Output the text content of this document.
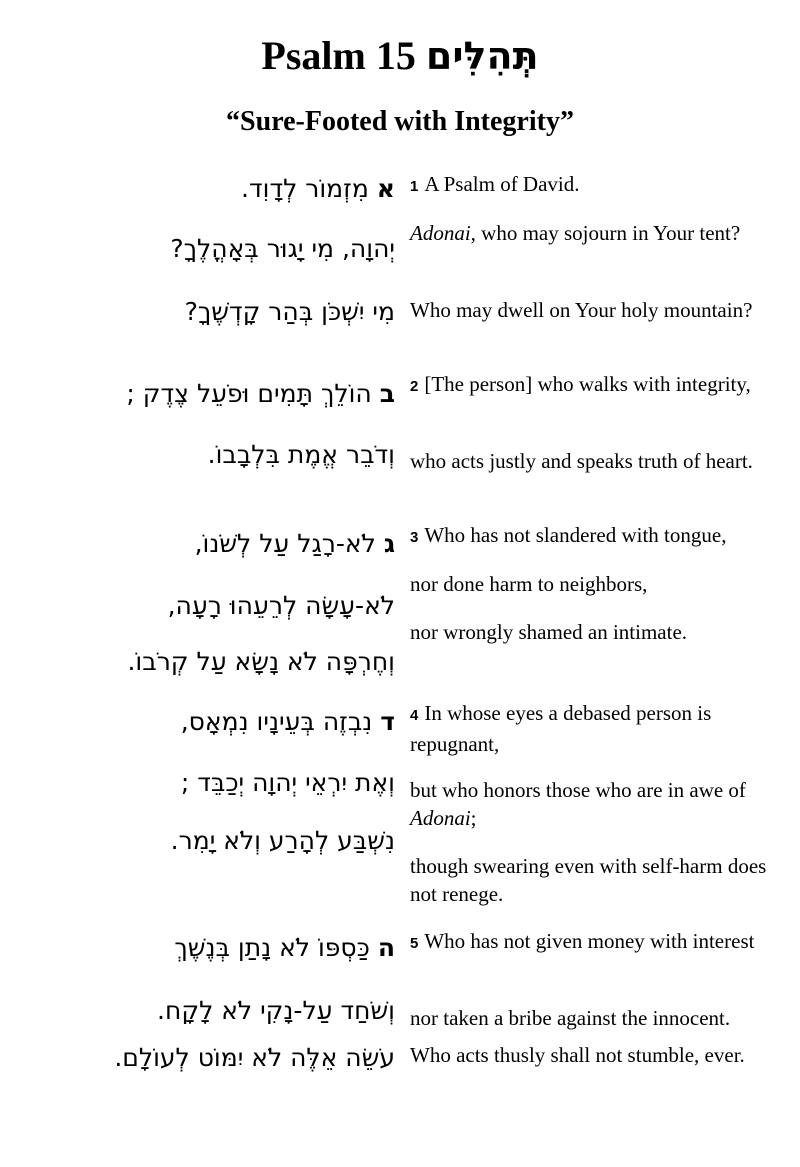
Psalm 15 תְּהִלִּים
“Sure-Footed with Integrity”
אמִזְמוֹר לְדָוִד.
יְהוָה, מִי יָגוּר בְּאָהֳלֶךָ?
מִי יִשְׁכֹּן בְּהַר קָדְשֶׁךָ?
1 A Psalm of David.
Adonai, who may sojourn in Your tent?
Who may dwell on Your holy mountain?
בהוֹלֵךְ תָּמִים וּפֹעֵל צֶדֶק ;
וְדֹבֵר אֱמֶת בִּלְבָבוֹ.
2 [The person] who walks with integrity,
who acts justly and speaks truth of heart.
גלֹא-רָגַל עַל לְשֹׁנוֹ,
לֹא-עָשָׂה לְרֵעֵהוּ רָעָה,
וְחֶרְפָּה לֹא נָשָׂא עַל קְרֹבוֹ.
3 Who has not slandered with tongue,
nor done harm to neighbors,
nor wrongly shamed an intimate.
דנִבְזֶה בְּעֵינָיו נִמְאָס,
וְאֶת יִרְאֵי יְהוָה יְכַבֵּד ;
נִשְׁבַּע לְהָרַע וְלֹא יָמִר.
4 In whose eyes a debased person is repugnant,
but who honors those who are in awe of Adonai;
though swearing even with self-harm does not renege.
הכַּסְפּוֹ לֹא נָתַן בְּנֶשֶׁךְ
וְשֹׁחַד עַל-נָקִי לֹא לָקָח.
עֹשֵׂה אֵלֶּה לֹא יִמּוֹט לְעוֹלָם.
5 Who has not given money with interest
nor taken a bribe against the innocent.
Who acts thusly shall not stumble, ever.
